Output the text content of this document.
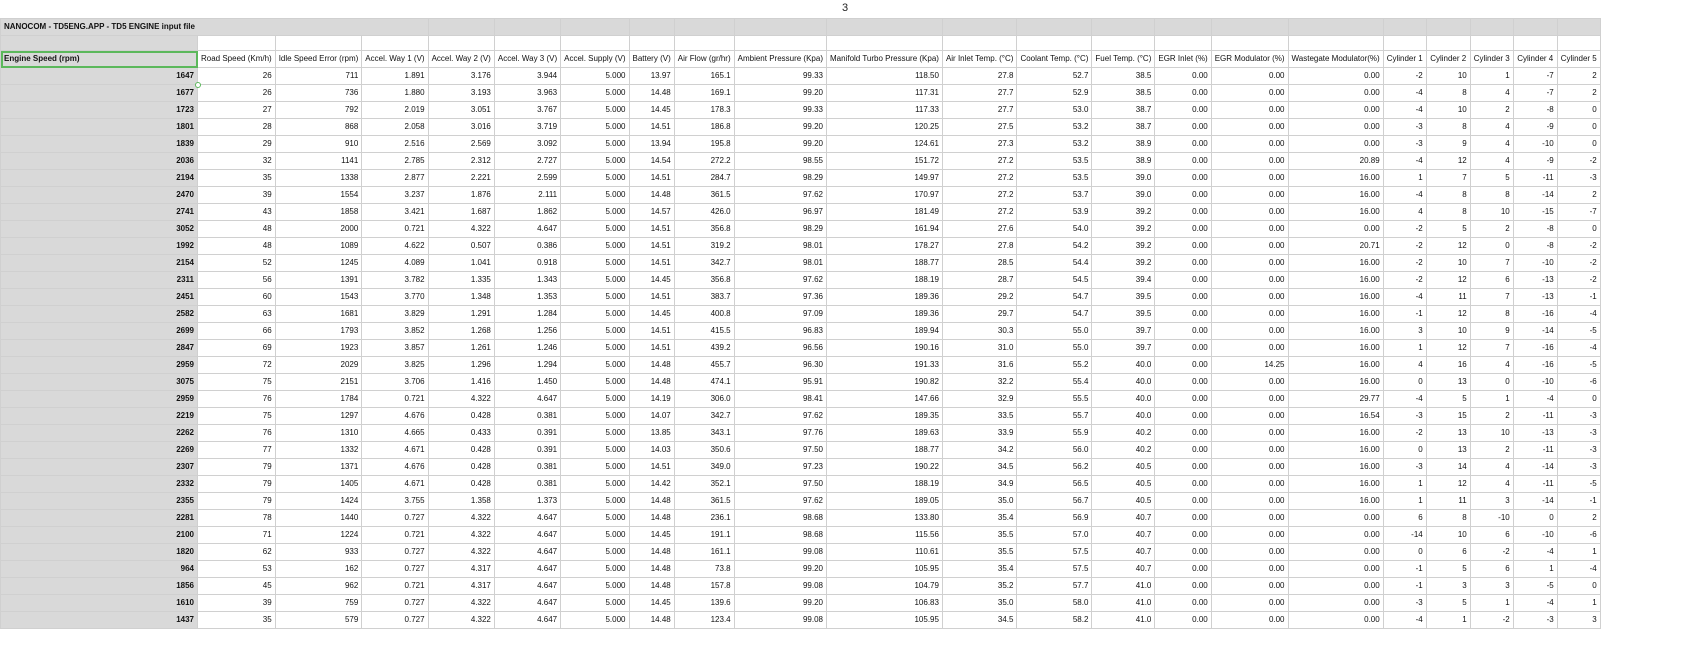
3
NANOCOM - TD5ENG.APP - TD5 ENGINE input file																					

Engine Speed (rpm)	Road Speed (Km/h)	Idle Speed Error (rpm)	Accel. Way 1 (V)	Accel. Way 2 (V)	Accel. Way 3 (V)	Accel. Supply (V)	Battery (V)	Air Flow (gr/hr)	Ambient Pressure (Kpa)	Manifold Turbo Pressure (Kpa)	Air Inlet Temp. (°C)	Coolant Temp. (°C)	Fuel Temp. (°C)	EGR Inlet (%)	EGR Modulator (%)	Wastegate Modulator(%)	Cylinder 1	Cylinder 2	Cylinder 3	Cylinder 4	Cylinder 5
1647	26	711	1.891	3.176	3.944	5.000	13.97	165.1	99.33	118.50	27.8	52.7	38.5	0.00	0.00	0.00	-2	10	1	-7	2
1677	26	736	1.880	3.193	3.963	5.000	14.48	169.1	99.20	117.31	27.7	52.9	38.5	0.00	0.00	0.00	-4	8	4	-7	2
1723	27	792	2.019	3.051	3.767	5.000	14.45	178.3	99.33	117.33	27.7	53.0	38.7	0.00	0.00	0.00	-4	10	2	-8	0
1801	28	868	2.058	3.016	3.719	5.000	14.51	186.8	99.20	120.25	27.5	53.2	38.7	0.00	0.00	0.00	-3	8	4	-9	0
1839	29	910	2.516	2.569	3.092	5.000	13.94	195.8	99.20	124.61	27.3	53.2	38.9	0.00	0.00	0.00	-3	9	4	-10	0
2036	32	1141	2.785	2.312	2.727	5.000	14.54	272.2	98.55	151.72	27.2	53.5	38.9	0.00	0.00	20.89	-4	12	4	-9	-2
2194	35	1338	2.877	2.221	2.599	5.000	14.51	284.7	98.29	149.97	27.2	53.5	39.0	0.00	0.00	16.00	1	7	5	-11	-3
2470	39	1554	3.237	1.876	2.111	5.000	14.48	361.5	97.62	170.97	27.2	53.7	39.0	0.00	0.00	16.00	-4	8	8	-14	2
2741	43	1858	3.421	1.687	1.862	5.000	14.57	426.0	96.97	181.49	27.2	53.9	39.2	0.00	0.00	16.00	4	8	10	-15	-7
3052	48	2000	0.721	4.322	4.647	5.000	14.51	356.8	98.29	161.94	27.6	54.0	39.2	0.00	0.00	0.00	-2	5	2	-8	0
1992	48	1089	4.622	0.507	0.386	5.000	14.51	319.2	98.01	178.27	27.8	54.2	39.2	0.00	0.00	20.71	-2	12	0	-8	-2
2154	52	1245	4.089	1.041	0.918	5.000	14.51	342.7	98.01	188.77	28.5	54.4	39.2	0.00	0.00	16.00	-2	10	7	-10	-2
2311	56	1391	3.782	1.335	1.343	5.000	14.45	356.8	97.62	188.19	28.7	54.5	39.4	0.00	0.00	16.00	-2	12	6	-13	-2
2451	60	1543	3.770	1.348	1.353	5.000	14.51	383.7	97.36	189.36	29.2	54.7	39.5	0.00	0.00	16.00	-4	11	7	-13	-1
2582	63	1681	3.829	1.291	1.284	5.000	14.45	400.8	97.09	189.36	29.7	54.7	39.5	0.00	0.00	16.00	-1	12	8	-16	-4
2699	66	1793	3.852	1.268	1.256	5.000	14.51	415.5	96.83	189.94	30.3	55.0	39.7	0.00	0.00	16.00	3	10	9	-14	-5
2847	69	1923	3.857	1.261	1.246	5.000	14.51	439.2	96.56	190.16	31.0	55.0	39.7	0.00	0.00	16.00	1	12	7	-16	-4
2959	72	2029	3.825	1.296	1.294	5.000	14.48	455.7	96.30	191.33	31.6	55.2	40.0	0.00	14.25	16.00	4	16	4	-16	-5
3075	75	2151	3.706	1.416	1.450	5.000	14.48	474.1	95.91	190.82	32.2	55.4	40.0	0.00	0.00	16.00	0	13	0	-10	-6
2959	76	1784	0.721	4.322	4.647	5.000	14.19	306.0	98.41	147.66	32.9	55.5	40.0	0.00	0.00	29.77	-4	5	1	-4	0
2219	75	1297	4.676	0.428	0.381	5.000	14.07	342.7	97.62	189.35	33.5	55.7	40.0	0.00	0.00	16.54	-3	15	2	-11	-3
2262	76	1310	4.665	0.433	0.391	5.000	13.85	343.1	97.76	189.63	33.9	55.9	40.2	0.00	0.00	16.00	-2	13	10	-13	-3
2269	77	1332	4.671	0.428	0.391	5.000	14.03	350.6	97.50	188.77	34.2	56.0	40.2	0.00	0.00	16.00	0	13	2	-11	-3
2307	79	1371	4.676	0.428	0.381	5.000	14.51	349.0	97.23	190.22	34.5	56.2	40.5	0.00	0.00	16.00	-3	14	4	-14	-3
2332	79	1405	4.671	0.428	0.381	5.000	14.42	352.1	97.50	188.19	34.9	56.5	40.5	0.00	0.00	16.00	1	12	4	-11	-5
2355	79	1424	3.755	1.358	1.373	5.000	14.48	361.5	97.62	189.05	35.0	56.7	40.5	0.00	0.00	16.00	1	11	3	-14	-1
2281	78	1440	0.727	4.322	4.647	5.000	14.48	236.1	98.68	133.80	35.4	56.9	40.7	0.00	0.00	0.00	6	8	-10	0	2
2100	71	1224	0.721	4.322	4.647	5.000	14.45	191.1	98.68	115.56	35.5	57.0	40.7	0.00	0.00	0.00	-14	10	6	-10	-6
1820	62	933	0.727	4.322	4.647	5.000	14.48	161.1	99.08	110.61	35.5	57.5	40.7	0.00	0.00	0.00	0	6	-2	-4	1
964	53	162	0.727	4.317	4.647	5.000	14.48	73.8	99.20	105.95	35.4	57.5	40.7	0.00	0.00	0.00	-1	5	6	1	-4
1856	45	962	0.721	4.317	4.647	5.000	14.48	157.8	99.08	104.79	35.2	57.7	41.0	0.00	0.00	0.00	-1	3	3	-5	0
1610	39	759	0.727	4.322	4.647	5.000	14.45	139.6	99.20	106.83	35.0	58.0	41.0	0.00	0.00	0.00	-3	5	1	-4	1
1437	35	579	0.727	4.322	4.647	5.000	14.48	123.4	99.08	105.95	34.5	58.2	41.0	0.00	0.00	0.00	-4	1	-2	-3	3
